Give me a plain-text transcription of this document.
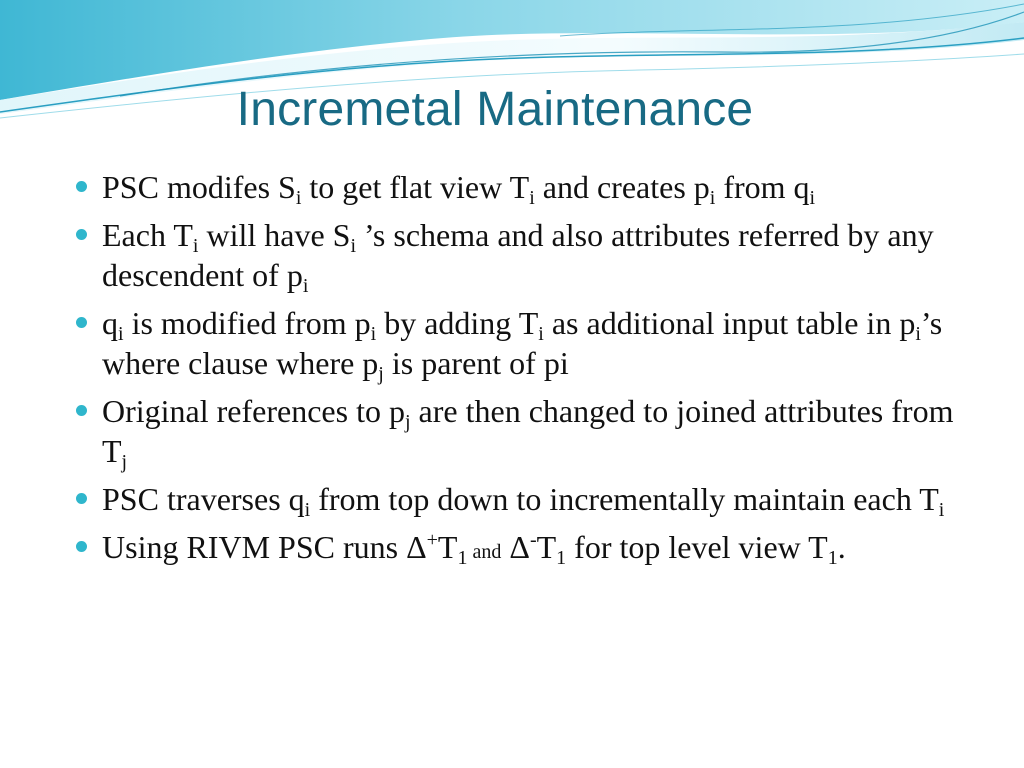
Incremetal Maintenance
PSC modifes $S_i$ to get flat view $T_i$ and creates $p_i$ from $q_i$
Each $T_i$ will have $S_i$ ’s schema and also attributes referred by any descendent of $p_i$
$q_i$ is modified from $p_i$ by adding $T_i$ as additional input table in $p_i’s$ where clause where $p_j$ is parent of pi
Original references to $p_j$ are then changed to joined attributes from $T_j$
PSC traverses $q_i$ from top down to incrementally maintain each $T_i$
Using RIVM PSC runs $\Delta^+T_1$ and $\Delta^-T_1$ for top level view $T_1$.
